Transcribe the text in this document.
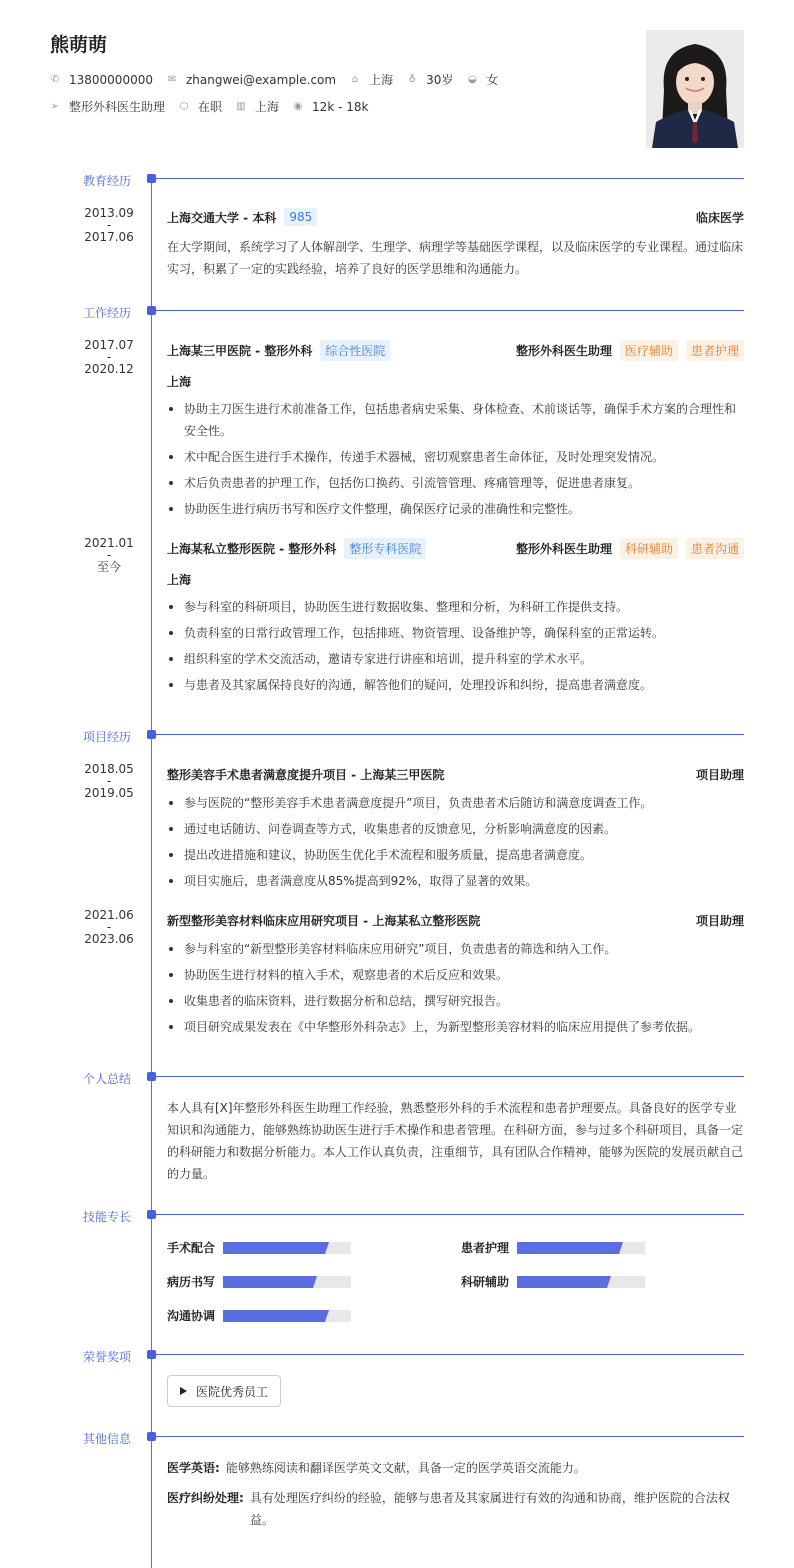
熊萌萌
✆ 13800000000 ✉ zhangwei@example.com ⌂ 上海 ♁ 30岁 ◒ 女
➢ 整形外科医生助理 ⬡ 在职 ▥ 上海 ◉ 12k - 18k
教育经历
2013.09
-
2017.06
上海交通大学 - 本科	985	临床医学
在大学期间，系统学习了人体解剖学、生理学、病理学等基础医学课程，以及临床医学的专业课程。通过临床实习，积累了一定的实践经验，培养了良好的医学思维和沟通能力。
工作经历
2017.07
-
2020.12
上海某三甲医院 - 整形外科	综合性医院	整形外科医生助理	医疗辅助	患者护理
上海
协助主刀医生进行术前准备工作，包括患者病史采集、身体检查、术前谈话等，确保手术方案的合理性和安全性。
术中配合医生进行手术操作，传递手术器械，密切观察患者生命体征，及时处理突发情况。
术后负责患者的护理工作，包括伤口换药、引流管管理、疼痛管理等，促进患者康复。
协助医生进行病历书写和医疗文件整理，确保医疗记录的准确性和完整性。
2021.01
-
至今
上海某私立整形医院 - 整形外科	整形专科医院	整形外科医生助理	科研辅助	患者沟通
上海
参与科室的科研项目，协助医生进行数据收集、整理和分析，为科研工作提供支持。
负责科室的日常行政管理工作，包括排班、物资管理、设备维护等，确保科室的正常运转。
组织科室的学术交流活动，邀请专家进行讲座和培训，提升科室的学术水平。
与患者及其家属保持良好的沟通，解答他们的疑问，处理投诉和纠纷，提高患者满意度。
项目经历
2018.05
-
2019.05
整形美容手术患者满意度提升项目 - 上海某三甲医院	项目助理
参与医院的“整形美容手术患者满意度提升”项目，负责患者术后随访和满意度调查工作。
通过电话随访、问卷调查等方式，收集患者的反馈意见，分析影响满意度的因素。
提出改进措施和建议，协助医生优化手术流程和服务质量，提高患者满意度。
项目实施后，患者满意度从85%提高到92%，取得了显著的效果。
2021.06
-
2023.06
新型整形美容材料临床应用研究项目 - 上海某私立整形医院	项目助理
参与科室的“新型整形美容材料临床应用研究”项目，负责患者的筛选和纳入工作。
协助医生进行材料的植入手术，观察患者的术后反应和效果。
收集患者的临床资料，进行数据分析和总结，撰写研究报告。
项目研究成果发表在《中华整形外科杂志》上，为新型整形美容材料的临床应用提供了参考依据。
个人总结
本人具有[X]年整形外科医生助理工作经验，熟悉整形外科的手术流程和患者护理要点。具备良好的医学专业知识和沟通能力，能够熟练协助医生进行手术操作和患者管理。在科研方面，参与过多个科研项目，具备一定的科研能力和数据分析能力。本人工作认真负责，注重细节，具有团队合作精神，能够为医院的发展贡献自己的力量。
技能专长
手术配合	患者护理
病历书写	科研辅助
沟通协调
荣誉奖项
医院优秀员工
其他信息
医学英语: 能够熟练阅读和翻译医学英文文献，具备一定的医学英语交流能力。
医疗纠纷处理: 具有处理医疗纠纷的经验，能够与患者及其家属进行有效的沟通和协商，维护医院的合法权益。
